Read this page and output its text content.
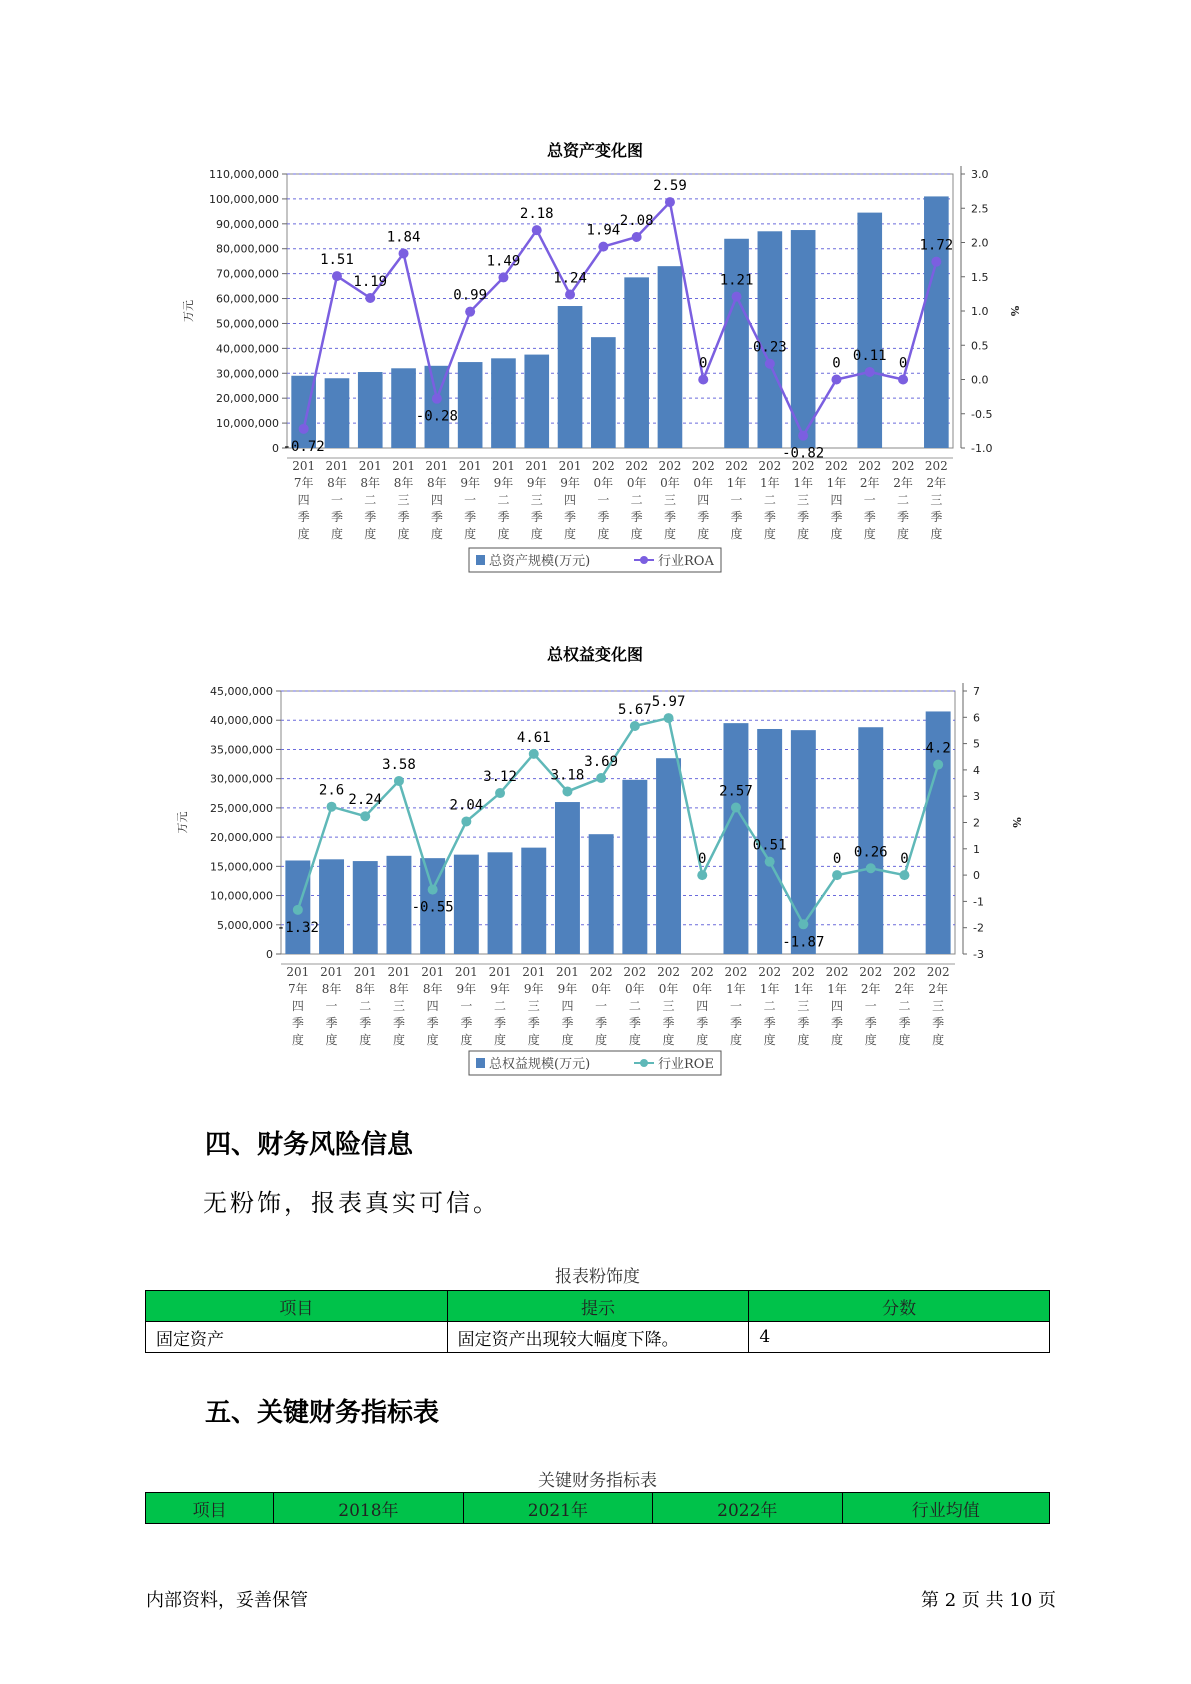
总资产变化图
0
10,000,000
20,000,000
30,000,000
40,000,000
50,000,000
60,000,000
70,000,000
80,000,000
90,000,000
100,000,000
110,000,000
-1.0
-0.5
0.0
0.5
1.0
1.5
2.0
2.5
3.0
万元	%
-0.72
1.51
1.19
1.84
-0.28
0.99
1.49
2.18
1.24
1.94
2.08
2.59
0
1.21
0.23
-0.82
0 0.11 0
1.72
201 7年四季度
201 8年一季度
201 8年二季度
201 8年三季度
201 8年四季度
201 9年一季度
201 9年二季度
201 9年三季度
201 9年四季度
202 0年一季度
202 0年二季度
202 0年三季度
202 0年四季度
202 1年一季度
202 1年二季度
202 1年三季度
202 1年四季度
202 2年一季度
202 2年二季度
202 2年三季度
总资产规模(万元)	行业ROA
总权益变化图
0
5,000,000
10,000,000
15,000,000
20,000,000
25,000,000
30,000,000
35,000,000
40,000,000
45,000,000
-3
-2
-1
0
1
2
3
4
5
6
7
万元	%
-1.32
2.6
2.24
3.58
-0.55
2.04
3.12
4.61
3.18
3.69
5.67 5.97
0
2.57
0.51
-1.87
0 0.26 0
4.2
201 7年四季度
201 8年一季度
201 8年二季度
201 8年三季度
201 8年四季度
201 9年一季度
201 9年二季度
201 9年三季度
201 9年四季度
202 0年一季度
202 0年二季度
202 0年三季度
202 0年四季度
202 1年一季度
202 1年二季度
202 1年三季度
202 1年四季度
202 2年一季度
202 2年二季度
202 2年三季度
总权益规模(万元)	行业ROE
四、财务风险信息
无粉饰，报表真实可信。
报表粉饰度
项目	提示	分数
固定资产	固定资产出现较大幅度下降。	4
五、关键财务指标表
关键财务指标表
项目	2018年	2021年	2022年	行业均值
内部资料，妥善保管	第 2 页 共 10 页
